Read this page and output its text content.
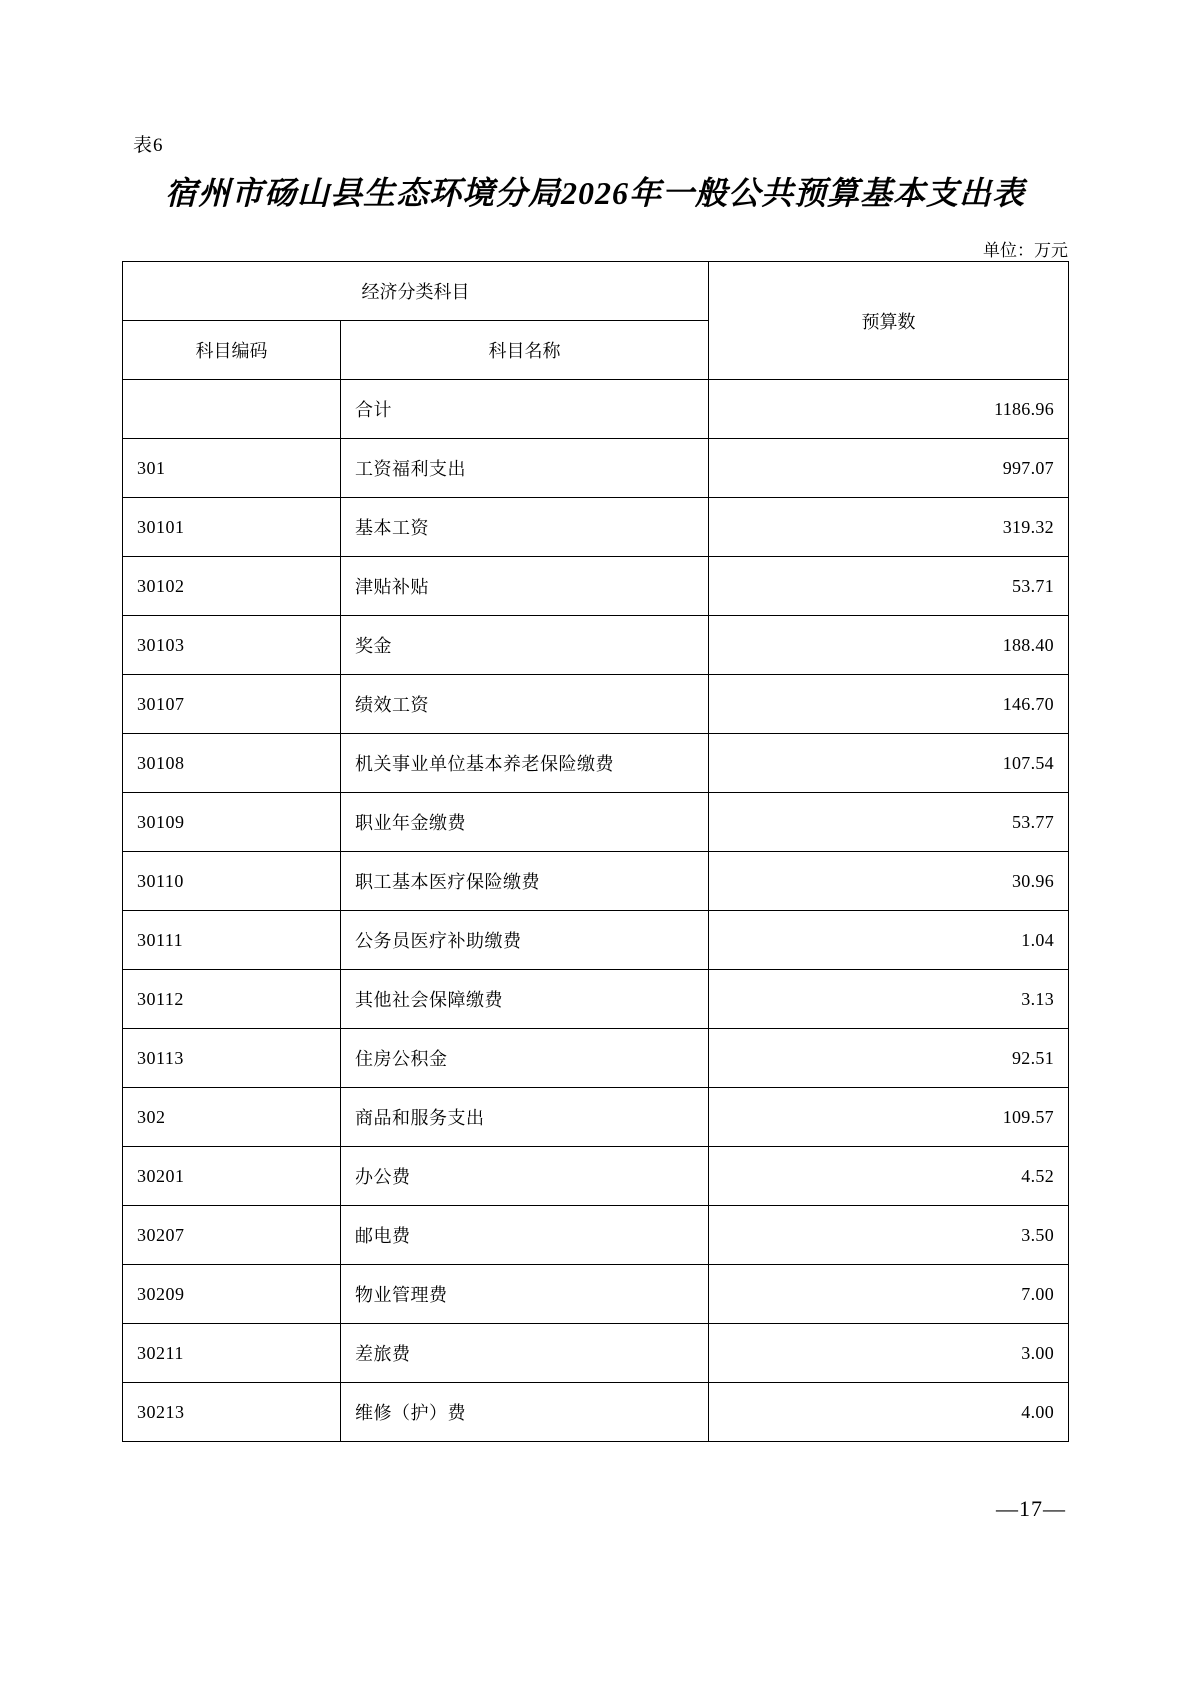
表6
宿州市砀山县生态环境分局2026年一般公共预算基本支出表
单位：万元
经济分类科目		预算数
科目编码	科目名称	
	合计	1186.96
301	工资福利支出	997.07
30101	基本工资	319.32
30102	津贴补贴	53.71
30103	奖金	188.40
30107	绩效工资	146.70
30108	机关事业单位基本养老保险缴费	107.54
30109	职业年金缴费	53.77
30110	职工基本医疗保险缴费	30.96
30111	公务员医疗补助缴费	1.04
30112	其他社会保障缴费	3.13
30113	住房公积金	92.51
302	商品和服务支出	109.57
30201	办公费	4.52
30207	邮电费	3.50
30209	物业管理费	7.00
30211	差旅费	3.00
30213	维修（护）费	4.00
—17—
